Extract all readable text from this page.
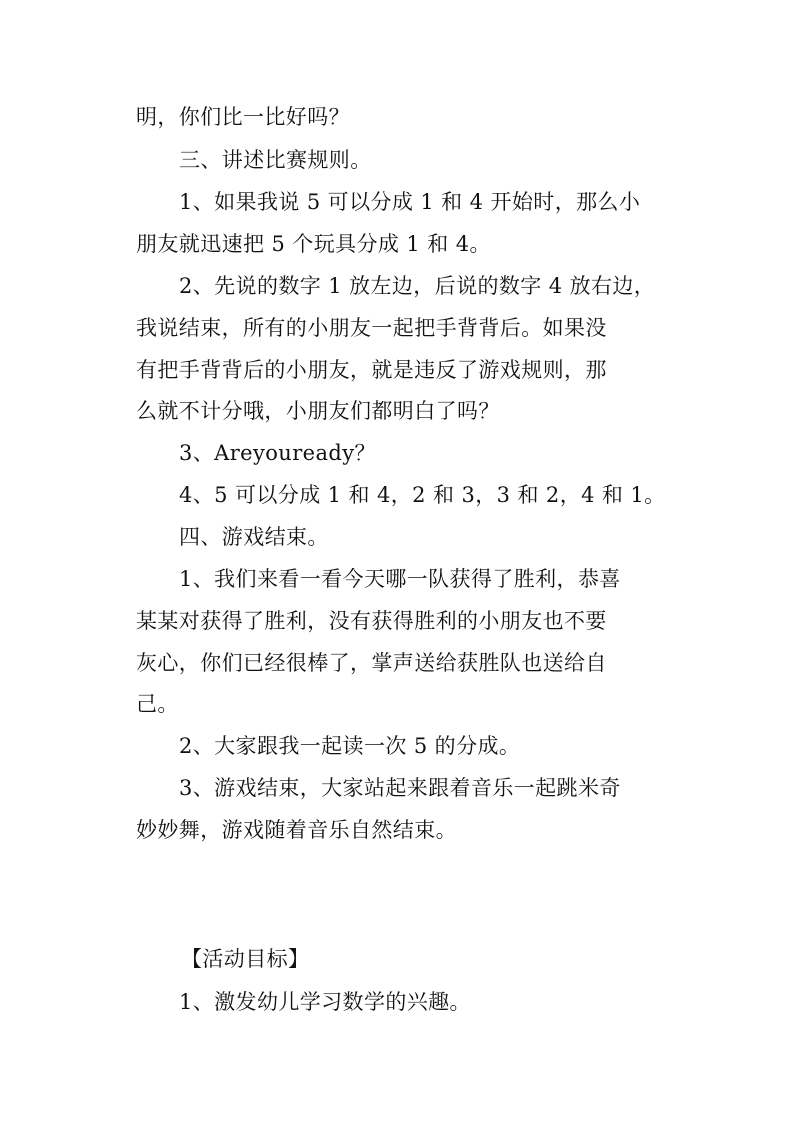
明，你们比一比好吗？
三、讲述比赛规则。
1、如果我说 5 可以分成 1 和 4 开始时，那么小
朋友就迅速把 5 个玩具分成 1 和 4。
2、先说的数字 1 放左边，后说的数字 4 放右边，
我说结束，所有的小朋友一起把手背背后。如果没
有把手背背后的小朋友，就是违反了游戏规则，那
么就不计分哦，小朋友们都明白了吗？
3、Areyouready？
4、5 可以分成 1 和 4，2 和 3，3 和 2，4 和 1。
四、游戏结束。
1、我们来看一看今天哪一队获得了胜利，恭喜
某某对获得了胜利，没有获得胜利的小朋友也不要
灰心，你们已经很棒了，掌声送给获胜队也送给自
己。
2、大家跟我一起读一次 5 的分成。
3、游戏结束，大家站起来跟着音乐一起跳米奇
妙妙舞，游戏随着音乐自然结束。
【活动目标】
1、激发幼儿学习数学的兴趣。
